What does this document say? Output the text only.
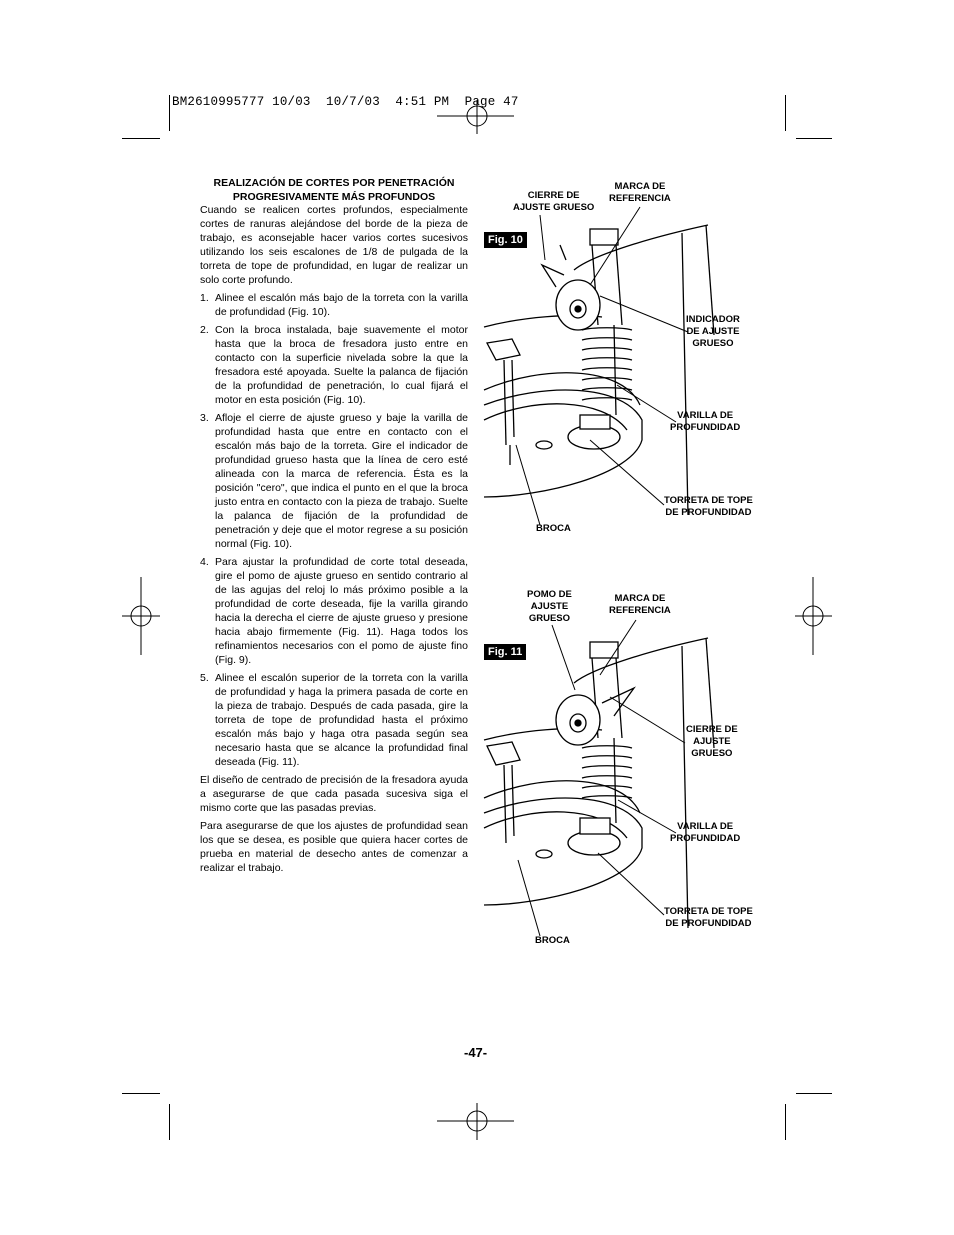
BM2610995777 10/03  10/7/03  4:51 PM  Page 47
REALIZACIÓN DE CORTES POR PENETRACIÓN
PROGRESIVAMENTE MÁS PROFUNDOS

Cuando se realicen cortes profundos, especialmente cortes de ranuras alejándose del borde de la pieza de trabajo, es aconsejable hacer varios cortes sucesivos utilizando los seis escalones de 1/8 de pulgada de la torreta de tope de profundidad, en lugar de realizar un solo corte profundo.

1. Alinee el escalón más bajo de la torreta con la varilla de profundidad (Fig. 10).

2. Con la broca instalada, baje suavemente el motor hasta que la broca de fresadora justo entre en contacto con la superficie nivelada sobre la que la fresadora esté apoyada. Suelte la palanca de fijación de la profundidad de penetración, lo cual fijará el motor en esta posición (Fig. 10).

3. Afloje el cierre de ajuste grueso y baje la varilla de profundidad hasta que entre en contacto con el escalón más bajo de la torreta. Gire el indicador de profundidad grueso hasta que la línea de cero esté alineada con la marca de referencia. Ésta es la posición "cero", que indica el punto en el que la broca justo entra en contacto con la pieza de trabajo. Suelte la palanca de fijación de la profundidad de penetración y deje que el motor regrese a su posición normal (Fig. 10).

4. Para ajustar la profundidad de corte total deseada, gire el pomo de ajuste grueso en sentido contrario al de las agujas del reloj lo más próximo posible a la profundidad de corte deseada, fije la varilla girando hacia la derecha el cierre de ajuste grueso y presione hacia abajo firmemente (Fig. 11). Haga todos los refinamientos necesarios con el pomo de ajuste fino (Fig. 9).

5. Alinee el escalón superior de la torreta con la varilla de profundidad y haga la primera pasada de corte en la pieza de trabajo. Después de cada pasada, gire la torreta de tope de profundidad hasta el próximo escalón más bajo y haga otra pasada según sea necesario hasta que se alcance la profundidad final deseada (Fig. 11).

El diseño de centrado de precisión de la fresadora ayuda a asegurarse de que cada pasada sucesiva siga el mismo corte que las pasadas previas.

Para asegurarse de que los ajustes de profundidad sean los que se desea, es posible que quiera hacer cortes de prueba en material de desecho antes de comenzar a realizar el trabajo.

Fig. 10
CIERRE DE
AJUSTE GRUESO
MARCA DE
REFERENCIA
INDICADOR
DE AJUSTE
GRUESO
VARILLA DE
PROFUNDIDAD
TORRETA DE TOPE
DE PROFUNDIDAD
BROCA
Fig. 11
POMO DE
AJUSTE
GRUESO
MARCA DE
REFERENCIA
CIERRE DE
AJUSTE
GRUESO
VARILLA DE
PROFUNDIDAD
TORRETA DE TOPE
DE PROFUNDIDAD
BROCA
-47-
